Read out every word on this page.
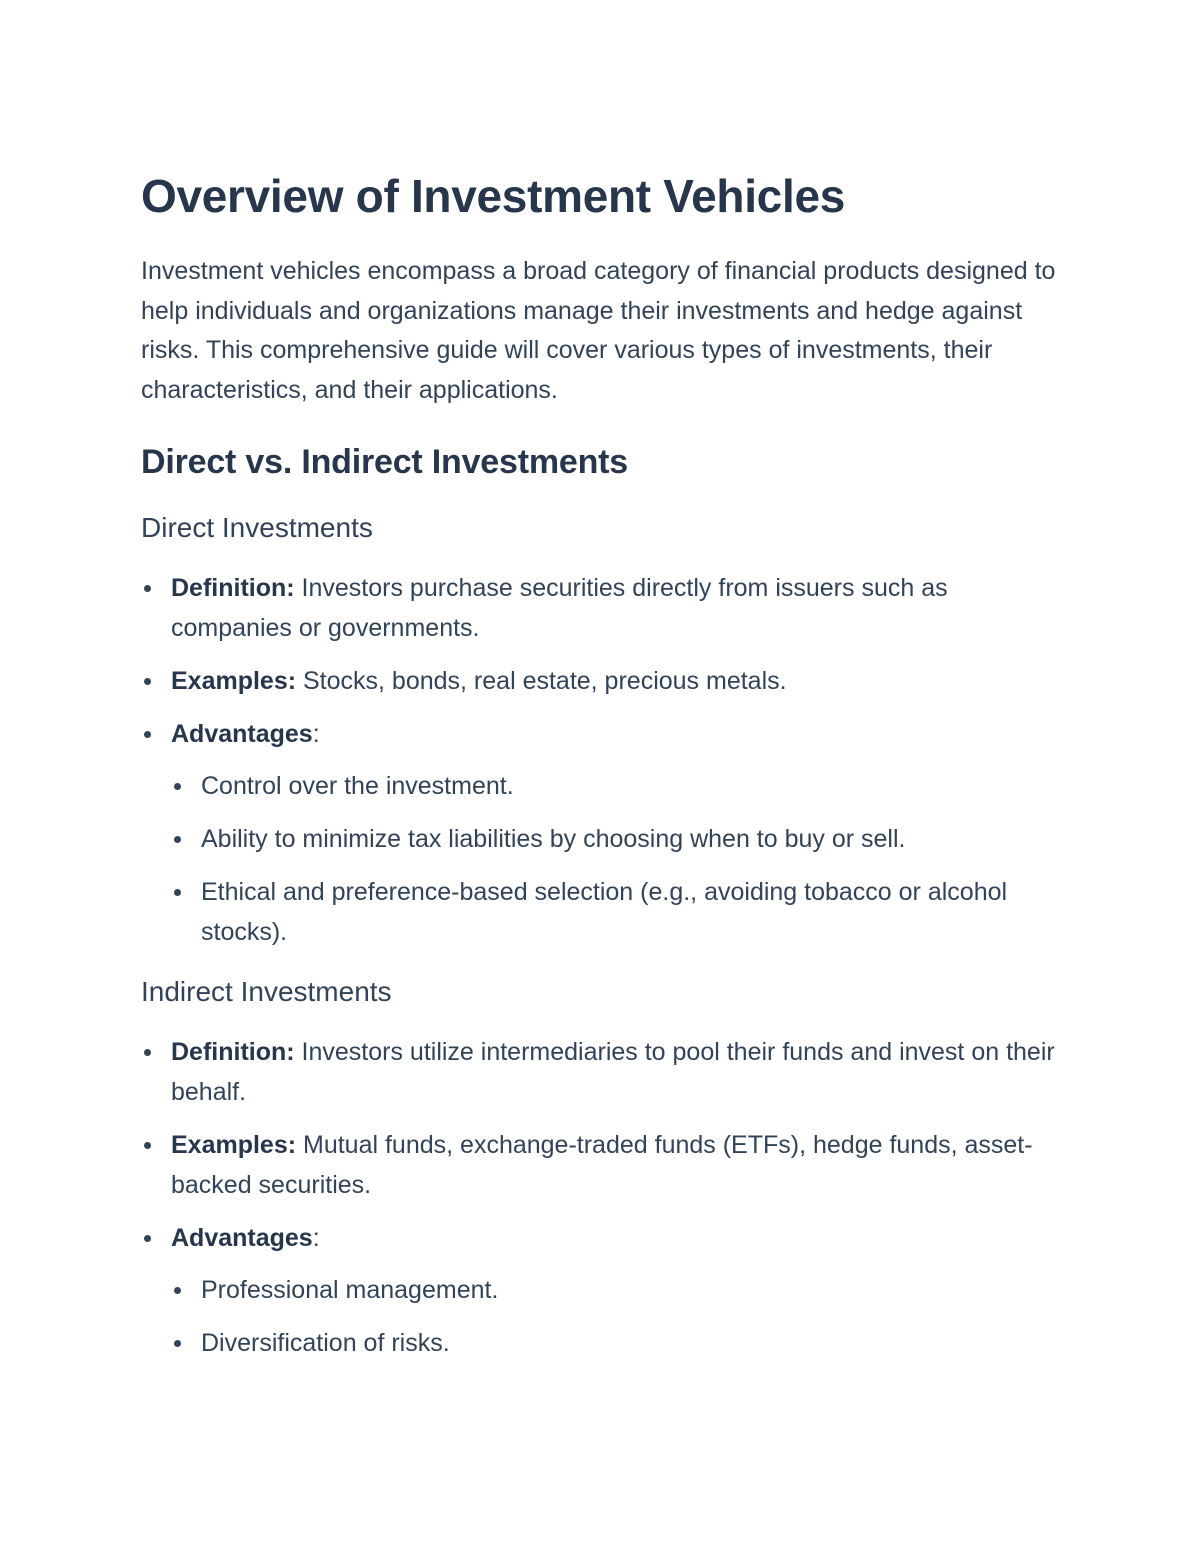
Overview of Investment Vehicles

Investment vehicles encompass a broad category of financial products designed to help individuals and organizations manage their investments and hedge against risks. This comprehensive guide will cover various types of investments, their characteristics, and their applications.

Direct vs. Indirect Investments
Direct Investments
Definition: Investors purchase securities directly from issuers such as companies or governments.
Examples: Stocks, bonds, real estate, precious metals.
Advantages:
Control over the investment.
Ability to minimize tax liabilities by choosing when to buy or sell.
Ethical and preference-based selection (e.g., avoiding tobacco or alcohol stocks).
Indirect Investments
Definition: Investors utilize intermediaries to pool their funds and invest on their behalf.
Examples: Mutual funds, exchange-traded funds (ETFs), hedge funds, asset-backed securities.
Advantages:
Professional management.
Diversification of risks.
